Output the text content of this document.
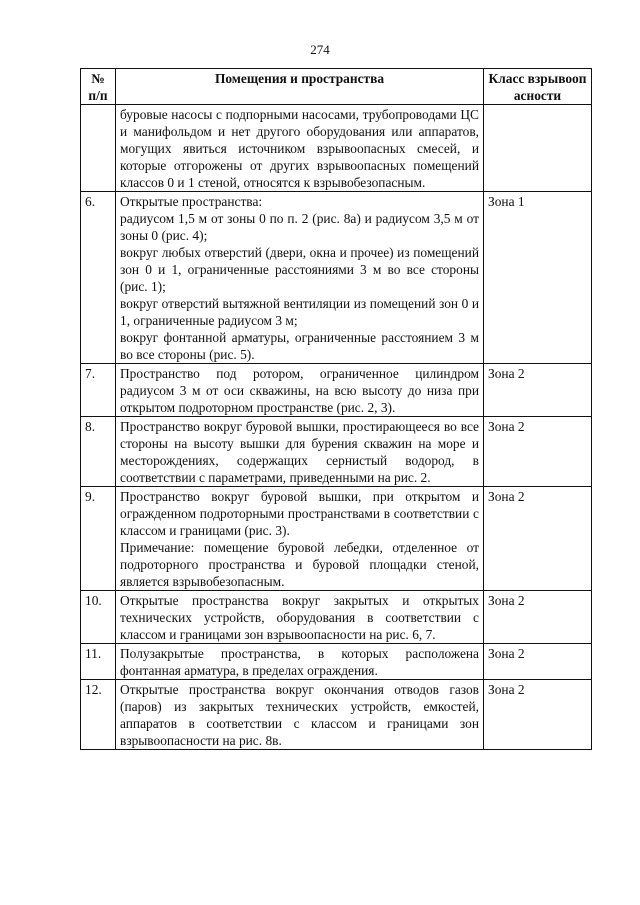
274
№
п/п	Помещения и пространства	Класс взрывоопасности

	буровые насосы с подпорными насосами, трубопроводами ЦС и манифольдом и нет другого оборудования или аппаратов, могущих явиться источником взрывоопасных смесей, и которые отгорожены от других взрывоопасных помещений классов 0 и 1 стеной, относятся к взрывобезопасным.	

6.	Открытые пространства:
радиусом 1,5 м от зоны 0 по п. 2 (рис. 8а) и радиусом 3,5 м от зоны 0 (рис. 4);
вокруг любых отверстий (двери, окна и прочее) из помещений зон 0 и 1, ограниченные расстояниями 3 м во все стороны (рис. 1);
вокруг отверстий вытяжной вентиляции из помещений зон 0 и 1, ограниченные радиусом 3 м;
вокруг фонтанной арматуры, ограниченные расстоянием 3 м во все стороны (рис. 5).	Зона 1
7.	Пространство под ротором, ограниченное цилиндром радиусом 3 м от оси скважины, на всю высоту до низа при открытом подроторном пространстве (рис. 2, 3).	Зона 2
8.	Пространство вокруг буровой вышки, простирающееся во все стороны на высоту вышки для бурения скважин на море и месторождениях, содержащих сернистый водород, в соответствии с параметрами, приведенными на рис. 2.	Зона 2
9.	Пространство вокруг буровой вышки, при открытом и огражденном подроторными пространствами в соответствии с классом и границами (рис. 3).
Примечание: помещение буровой лебедки, отделенное от подроторного пространства и буровой площадки стеной, является взрывобезопасным.	Зона 2
10.	Открытые пространства вокруг закрытых и открытых технических устройств, оборудования в соответствии с классом и границами зон взрывоопасности на рис. 6, 7.	Зона 2
11.	Полузакрытые пространства, в которых расположена фонтанная арматура, в пределах ограждения.	Зона 2
12.	Открытые пространства вокруг окончания отводов газов (паров) из закрытых технических устройств, емкостей, аппаратов в соответствии с классом и границами зон взрывоопасности на рис. 8в.	Зона 2
